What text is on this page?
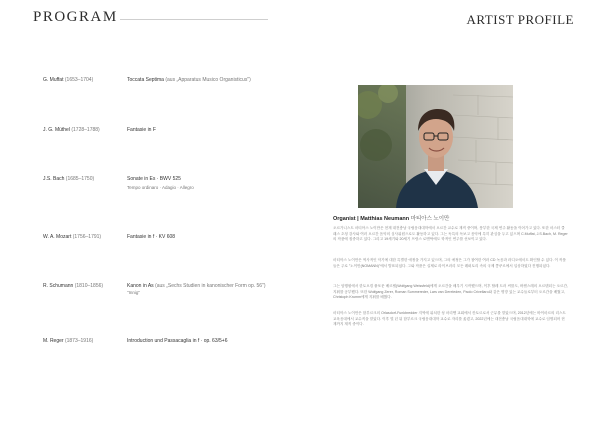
PROGRAM
G. Muffat (1653–1704)	Toccata Septima (aus „Apparatus Musico Organisticus")
J. G. Müthel (1728–1788)	Fantasie in F
J.S. Bach (1685–1750)	Sonate in Es · BWV 525
Tempo ordinaro · Adagio · Allegro
W. A. Mozart (1756–1791)	Fantasie in f · KV 608
R. Schumann (1810–1856)	Kanon in As (aus „Sechs Studien in kanonischer Form op. 56")
"Innig"
M. Reger (1873–1916)	Introduction und Passacaglia in f · op. 63/5+6
ARTIST PROFILE
Organist | Matthias Neumann 마티아스 노이만
오르가니스트 마티아스 노이만은 현재 대전충남 국립음대대학에서 오르간 교수로 재직 중이며, 풍부한 국제 연주 활동을 이어가고 있다. 또한 마스터 클래스 초청 강사와 여러 오르간 음악의 심사위원으로도 활동하고 있다. 그는 독특의 독보고 음악에 특히 관심을 두고 있으며 C.Muffat, J.S.Bach, M. Reger의 작품에 집중하고 있다. 그리고 19세기와 20세기 프랑스 로맨틱에도 학적인 연주를 선보이고 있다.
마티아스 노이만은 역사적인 악기에 대한 특별한 애정을 가지고 있으며, 그의 애정은 그가 참여한 여러 CD 녹음과 라디오에서도 확인할 수 있다. 이 작품들은 주로 "노이만(NOMANN)"에서 발표되었다. 그와 작품은 실제로 라이브러리 모든 레퍼토리 속의 국제 콩쿠르에서 입상하였다 진행되었다.
그는 암행원에서 한토오킹 풀포문 베르텔(Wolfgang Weissfeld)에게 오르간을 배우기 시작했으며, 이후 할레 트러 씨를도, 바젠스레의 오르텐되는 오르간, 지휘를 공부했다. 또한 Wolfgang Zerer, Roman Summereder, Lars van Dereleden, Paolo Crivellaro와 같은 명망 있는 교수들로부터 오르간을 배웠고, Christoph Krumm에게 지휘를 배웠다.
마티아스 노이만은 함부르크의 Orlasdorf-Funkbredder 지역에 위치한 성 마리엔 교회에서 칸토르로서 근무를 맡았으며, 2012년에는 바이마르의 리스트 교육음대에서 교수직을 맡았다. 이후 몇 년 뒤 함부르크 국립음대대학 교수로 자리를 옮겼고, 2022년에는 대전충남 국립음대대학에 교수로 임명되어 현재까지 재직 중이다.
